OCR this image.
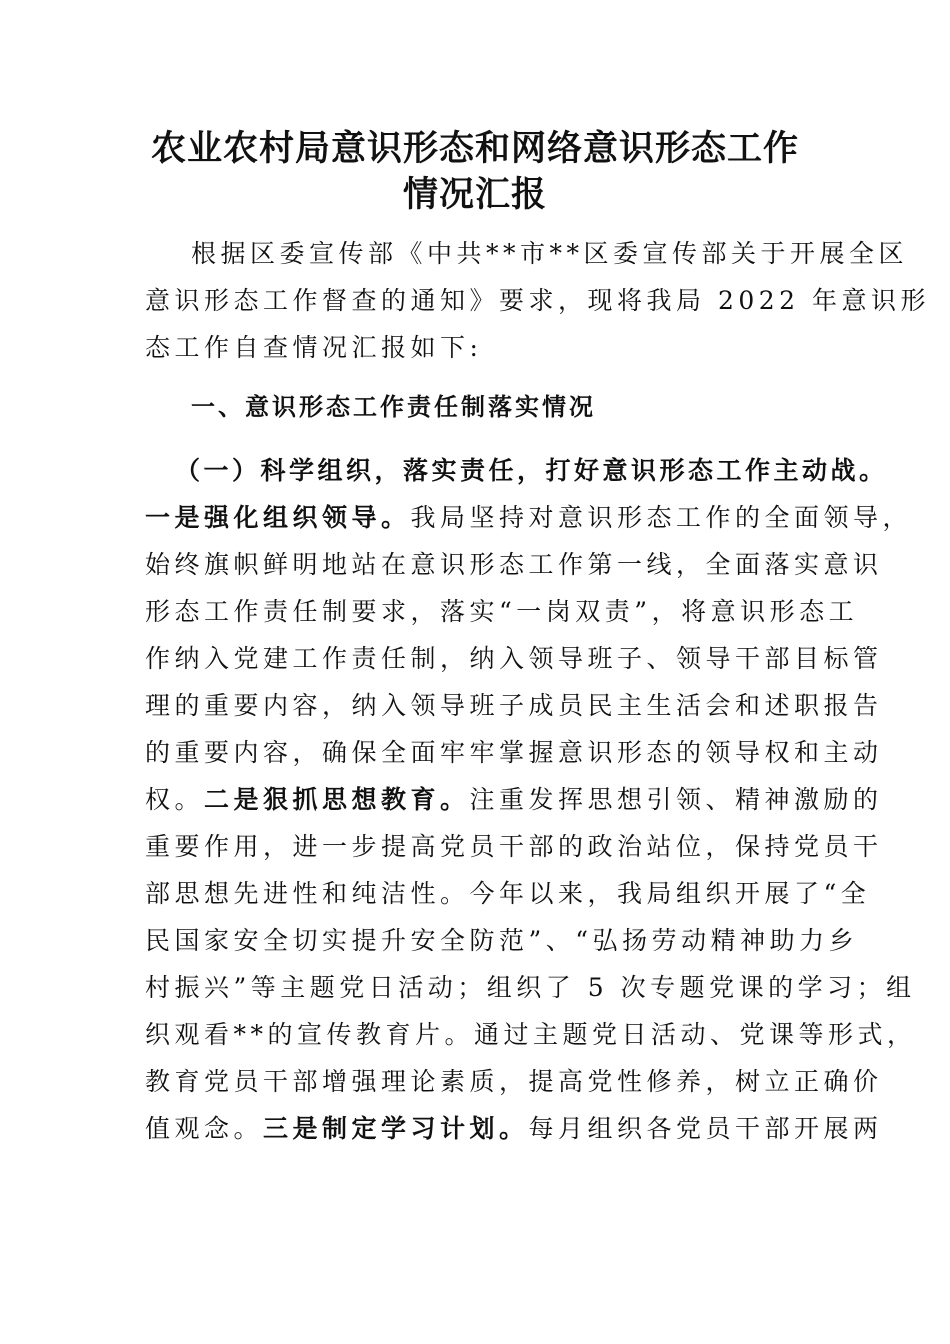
农业农村局意识形态和网络意识形态工作
情况汇报
根据区委宣传部《中共**市**区委宣传部关于开展全区
意识形态工作督查的通知》要求，现将我局 2022 年意识形
态工作自查情况汇报如下:
一、意识形态工作责任制落实情况
（一）科学组织，落实责任，打好意识形态工作主动战。
一是强化组织领导。我局坚持对意识形态工作的全面领导，
始终旗帜鲜明地站在意识形态工作第一线，全面落实意识
形态工作责任制要求，落实“一岗双责”，将意识形态工
作纳入党建工作责任制，纳入领导班子、领导干部目标管
理的重要内容，纳入领导班子成员民主生活会和述职报告
的重要内容，确保全面牢牢掌握意识形态的领导权和主动
权。二是狠抓思想教育。注重发挥思想引领、精神激励的
重要作用，进一步提高党员干部的政治站位，保持党员干
部思想先进性和纯洁性。今年以来，我局组织开展了“全
民国家安全切实提升安全防范”、“弘扬劳动精神助力乡
村振兴”等主题党日活动；组织了 5 次专题党课的学习；组
织观看**的宣传教育片。通过主题党日活动、党课等形式，
教育党员干部增强理论素质，提高党性修养，树立正确价
值观念。三是制定学习计划。每月组织各党员干部开展两
